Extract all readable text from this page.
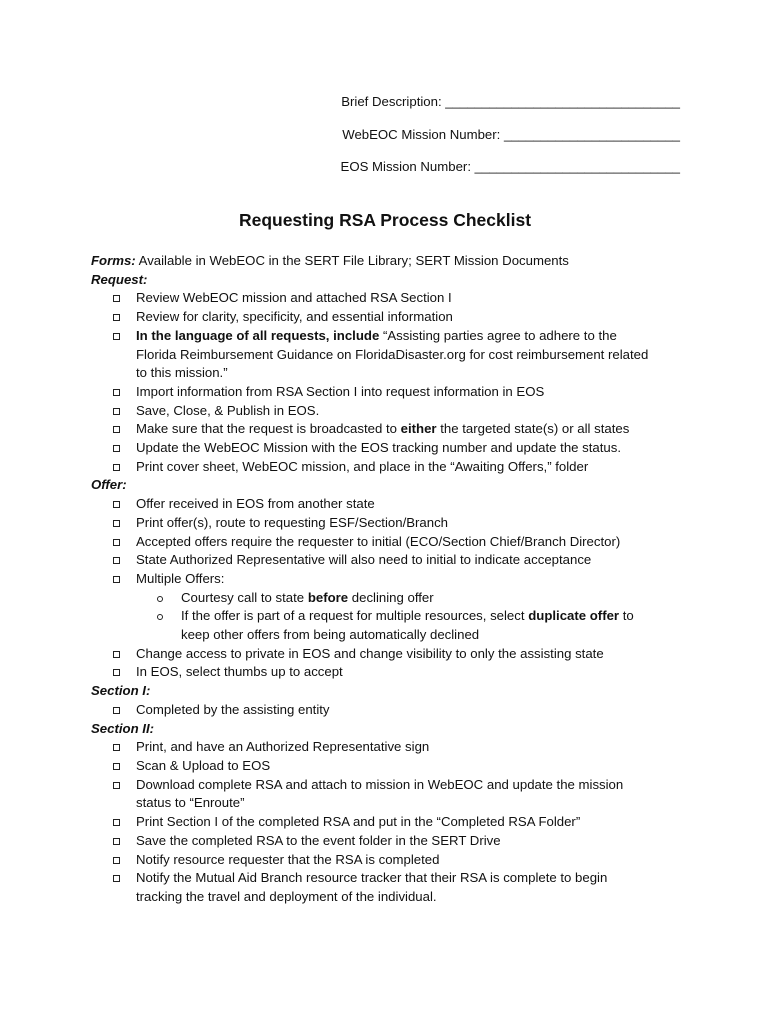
Brief Description: ________________________________
WebEOC Mission Number: ________________________
EOS Mission Number: ____________________________
Requesting RSA Process Checklist
Forms: Available in WebEOC in the SERT File Library; SERT Mission Documents
Request:
Review WebEOC mission and attached RSA Section I
Review for clarity, specificity, and essential information
In the language of all requests, include “Assisting parties agree to adhere to the
Florida Reimbursement Guidance on FloridaDisaster.org for cost reimbursement related
to this mission.”
Import information from RSA Section I into request information in EOS
Save, Close, & Publish in EOS.
Make sure that the request is broadcasted to either the targeted state(s) or all states
Update the WebEOC Mission with the EOS tracking number and update the status.
Print cover sheet, WebEOC mission, and place in the “Awaiting Offers,” folder
Offer:
Offer received in EOS from another state
Print offer(s), route to requesting ESF/Section/Branch
Accepted offers require the requester to initial (ECO/Section Chief/Branch Director)
State Authorized Representative will also need to initial to indicate acceptance
Multiple Offers:
Courtesy call to state before declining offer
If the offer is part of a request for multiple resources, select duplicate offer to
keep other offers from being automatically declined
Change access to private in EOS and change visibility to only the assisting state
In EOS, select thumbs up to accept
Section I:
Completed by the assisting entity
Section II:
Print, and have an Authorized Representative sign
Scan & Upload to EOS
Download complete RSA and attach to mission in WebEOC and update the mission
status to “Enroute”
Print Section I of the completed RSA and put in the “Completed RSA Folder”
Save the completed RSA to the event folder in the SERT Drive
Notify resource requester that the RSA is completed
Notify the Mutual Aid Branch resource tracker that their RSA is complete to begin
tracking the travel and deployment of the individual.
